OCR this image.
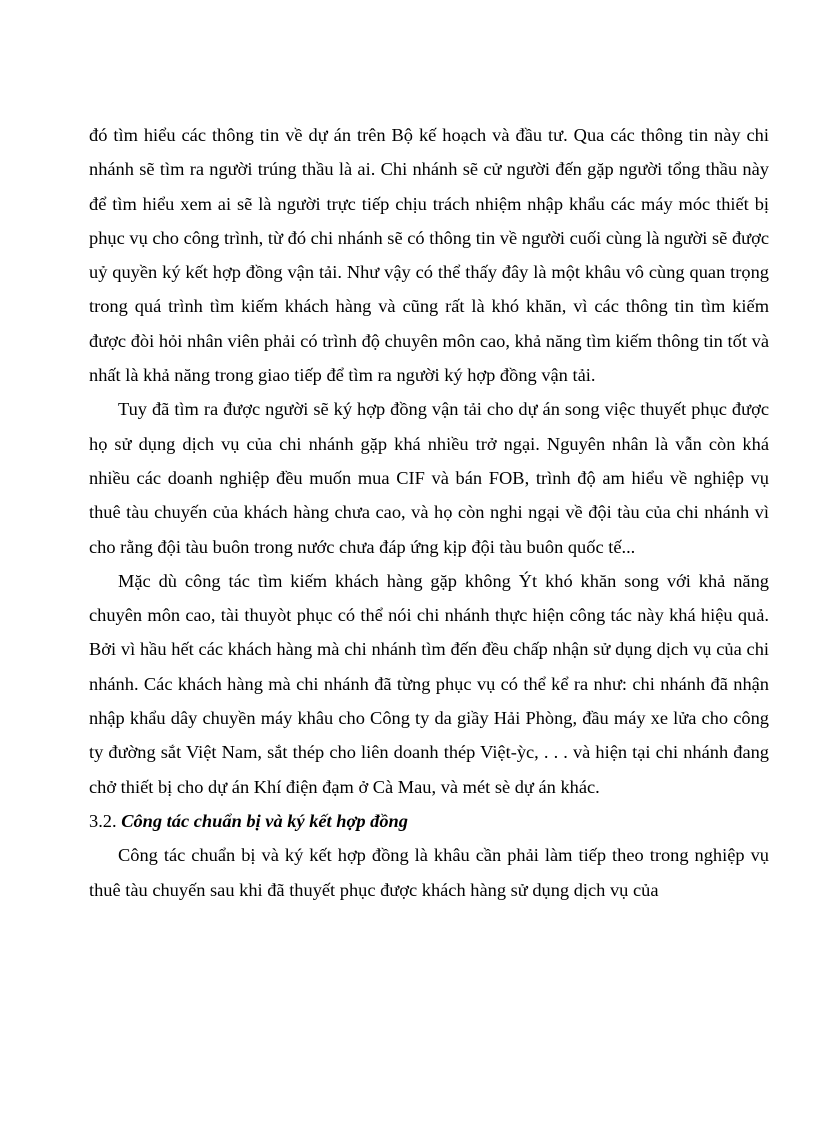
đó tìm hiểu các thông tin về dự án trên Bộ kế hoạch và đầu tư. Qua các thông tin này chi nhánh sẽ tìm ra người trúng thầu là ai. Chi nhánh sẽ cử người đến gặp người tổng thầu này để tìm hiểu xem ai sẽ là người trực tiếp chịu trách nhiệm nhập khẩu các máy móc thiết bị phục vụ cho công trình, từ đó chi nhánh sẽ có thông tin về người cuối cùng là người sẽ được uỷ quyền ký kết hợp đồng vận tải. Như vậy có thể thấy đây là một khâu vô cùng quan trọng trong quá trình tìm kiếm khách hàng và cũng rất là khó khăn, vì các thông tin tìm kiếm được đòi hỏi nhân viên phải có trình độ chuyên môn cao, khả năng tìm kiếm thông tin tốt và nhất là khả năng trong giao tiếp để tìm ra người ký hợp đồng vận tải.

Tuy đã tìm ra được người sẽ ký hợp đồng vận tải cho dự án song việc thuyết phục được họ sử dụng dịch vụ của chi nhánh gặp khá nhiều trở ngại. Nguyên nhân là vẫn còn khá nhiều các doanh nghiệp đều muốn mua CIF và bán FOB, trình độ am hiểu về nghiệp vụ thuê tàu chuyến của khách hàng chưa cao, và họ còn nghi ngại về đội tàu của chi nhánh vì cho rằng đội tàu buôn trong nước chưa đáp ứng kịp đội tàu buôn quốc tế...

Mặc dù công tác tìm kiếm khách hàng gặp không Ýt khó khăn song với khả năng chuyên môn cao, tài thuyòt phục có thể nói chi nhánh thực hiện công tác này khá hiệu quả. Bởi vì hầu hết các khách hàng mà chi nhánh tìm đến đều chấp nhận sử dụng dịch vụ của chi nhánh. Các khách hàng mà chi nhánh đã từng phục vụ có thể kể ra như: chi nhánh đã nhận nhập khẩu dây chuyền máy khâu cho Công ty da giầy Hải Phòng, đầu máy xe lửa cho công ty đường sắt Việt Nam, sắt thép cho liên doanh thép Việt-ỳc, . . . và hiện tại chi nhánh đang chở thiết bị cho dự án Khí điện đạm ở Cà Mau, và mét sè dự án khác.

3.2. Công tác chuẩn bị và ký kết hợp đồng

Công tác chuẩn bị và ký kết hợp đồng là khâu cần phải làm tiếp theo trong nghiệp vụ thuê tàu chuyến sau khi đã thuyết phục được khách hàng sử dụng dịch vụ của
